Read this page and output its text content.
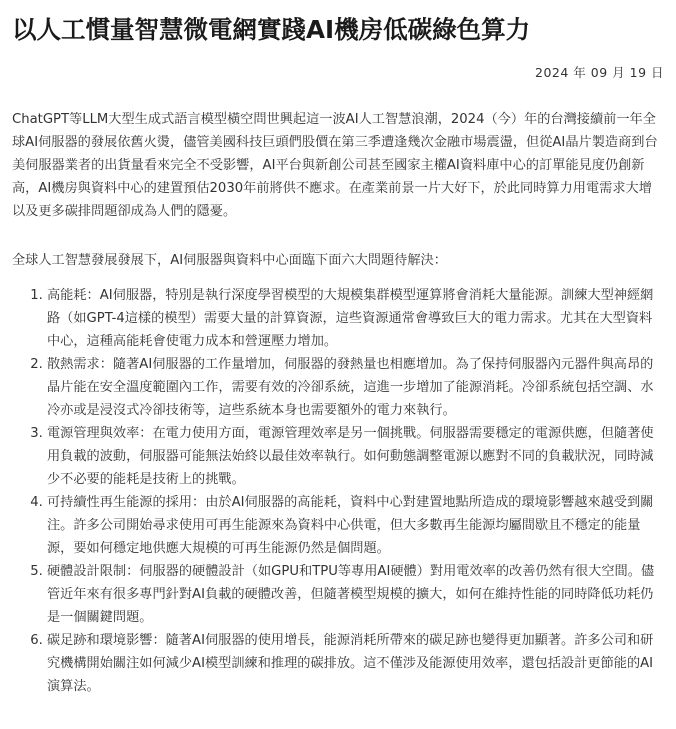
以人工慣量智慧微電網實踐AI機房低碳綠色算力
2024 年 09 月 19 日

ChatGPT等LLM大型生成式語言模型橫空問世興起這一波AI人工智慧浪潮，2024（今）年的台灣接續前一年全球AI伺服器的發展依舊火燙，儘管美國科技巨頭們股價在第三季遭逢幾次金融市場震盪，但從AI晶片製造商到台美伺服器業者的出貨量看來完全不受影響，AI平台與新創公司甚至國家主權AI資料庫中心的訂單能見度仍創新高，AI機房與資料中心的建置預估2030年前將供不應求。在產業前景一片大好下，於此同時算力用電需求大增以及更多碳排問題卻成為人們的隱憂。

全球人工智慧發展發展下，AI伺服器與資料中心面臨下面六大問題待解決：

1. 高能耗：AI伺服器，特別是執行深度學習模型的大規模集群模型運算將會消耗大量能源。訓練大型神經網路（如GPT-4這樣的模型）需要大量的計算資源，這些資源通常會導致巨大的電力需求。尤其在大型資料中心，這種高能耗會使電力成本和營運壓力增加。
2. 散熱需求：隨著AI伺服器的工作量增加，伺服器的發熱量也相應增加。為了保持伺服器內元器件與高昂的晶片能在安全溫度範圍內工作，需要有效的冷卻系統，這進一步增加了能源消耗。冷卻系統包括空調、水冷亦或是浸沒式冷卻技術等，這些系統本身也需要額外的電力來執行。
3. 電源管理與效率：在電力使用方面，電源管理效率是另一個挑戰。伺服器需要穩定的電源供應，但隨著使用負載的波動，伺服器可能無法始終以最佳效率執行。如何動態調整電源以應對不同的負載狀況，同時減少不必要的能耗是技術上的挑戰。
4. 可持續性再生能源的採用：由於AI伺服器的高能耗，資料中心對建置地點所造成的環境影響越來越受到關注。許多公司開始尋求使用可再生能源來為資料中心供電，但大多數再生能源均屬間歇且不穩定的能量源，要如何穩定地供應大規模的可再生能源仍然是個問題。
5. 硬體設計限制：伺服器的硬體設計（如GPU和TPU等專用AI硬體）對用電效率的改善仍然有很大空間。儘管近年來有很多專門針對AI負載的硬體改善，但隨著模型規模的擴大，如何在維持性能的同時降低功耗仍是一個關鍵問題。
6. 碳足跡和環境影響：隨著AI伺服器的使用增長，能源消耗所帶來的碳足跡也變得更加顯著。許多公司和研究機構開始關注如何減少AI模型訓練和推理的碳排放。這不僅涉及能源使用效率，還包括設計更節能的AI演算法。
